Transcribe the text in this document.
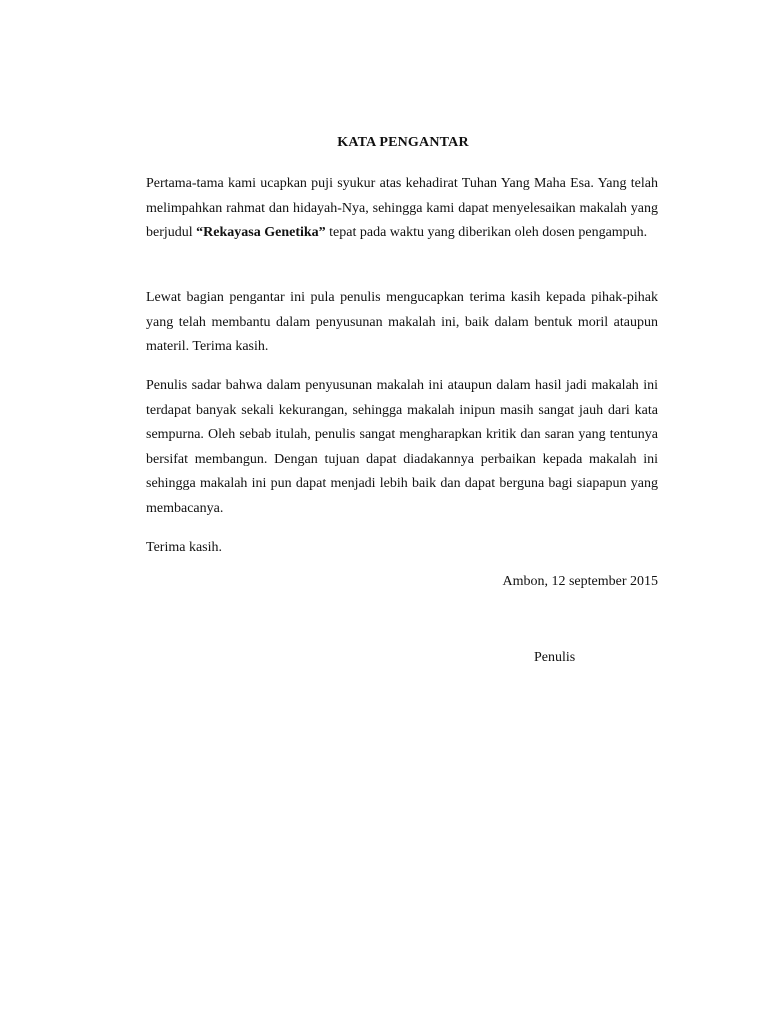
KATA PENGANTAR

Pertama-tama kami ucapkan puji syukur atas kehadirat Tuhan Yang Maha Esa. Yang telah melimpahkan rahmat dan hidayah-Nya, sehingga kami dapat menyelesaikan makalah yang berjudul “Rekayasa Genetika” tepat pada waktu yang diberikan oleh dosen pengampuh.

Lewat bagian pengantar ini pula penulis mengucapkan terima kasih kepada pihak-pihak yang telah membantu dalam penyusunan makalah ini, baik dalam bentuk moril ataupun materil. Terima kasih.

Penulis sadar bahwa dalam penyusunan makalah ini ataupun dalam hasil jadi makalah ini terdapat banyak sekali kekurangan, sehingga makalah inipun masih sangat jauh dari kata sempurna. Oleh sebab itulah, penulis sangat mengharapkan kritik dan saran yang tentunya bersifat membangun. Dengan tujuan dapat diadakannya perbaikan kepada makalah ini sehingga makalah ini pun dapat menjadi lebih baik dan dapat berguna bagi siapapun yang membacanya.

Terima kasih.

Ambon, 12 september 2015
Penulis
